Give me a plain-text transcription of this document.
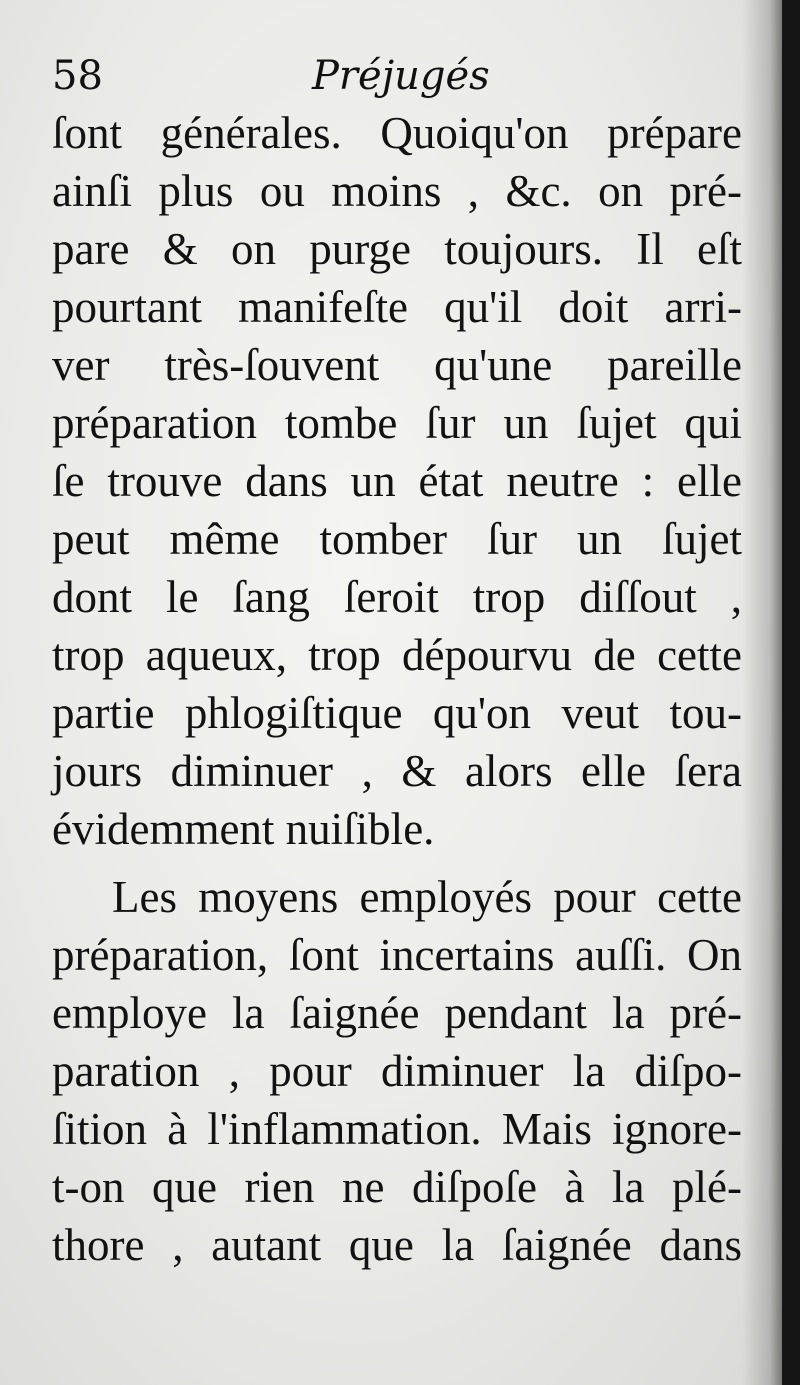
58	Préjugés
ſont générales. Quoiqu'on prépare
ainſi plus ou moins , &c. on pré-
pare & on purge toujours. Il eſt
pourtant manifeſte qu'il doit arri-
ver très-ſouvent qu'une pareille
préparation tombe ſur un ſujet qui
ſe trouve dans un état neutre : elle
peut même tomber ſur un ſujet
dont le ſang ſeroit trop diſſout ,
trop aqueux, trop dépourvu de cette
partie phlogiſtique qu'on veut tou-
jours diminuer , & alors elle ſera
évidemment nuiſible.
Les moyens employés pour cette
préparation, ſont incertains auſſi. On
employe la ſaignée pendant la pré-
paration , pour diminuer la diſpo-
ſition à l'inflammation. Mais ignore-
t-on que rien ne diſpoſe à la plé-
thore , autant que la ſaignée dans
